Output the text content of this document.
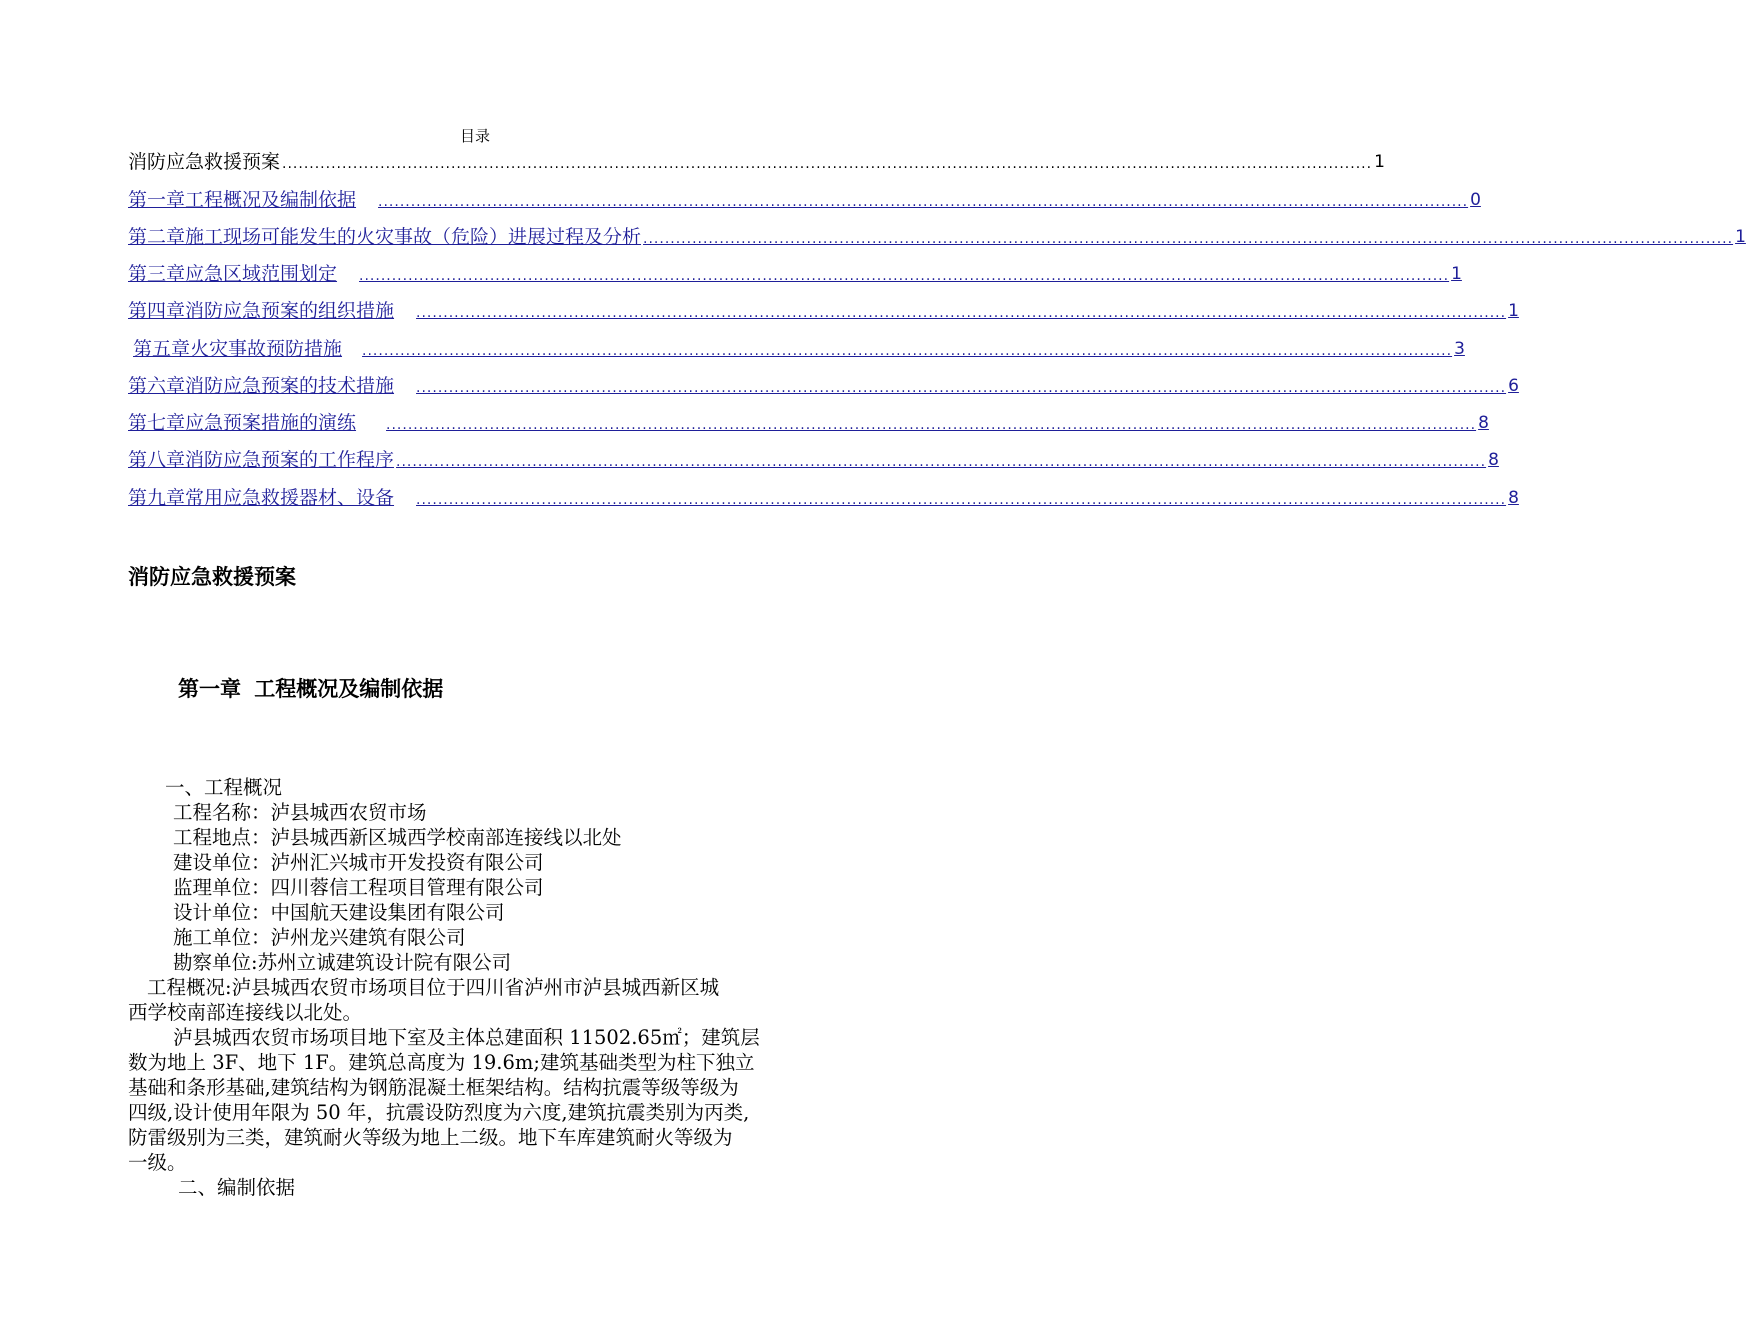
目录
消防应急救援预案 ........................................................................................................................................................................................................ 1
第一章 工程概况及编制依据 ........................................................................................................................................................................................................ 0
第二章 施工现场可能发生的火灾事故（危险）进展过程及分析 ........................................................................................................................................................................................................ 1
第三章 应急区域范围划定 ........................................................................................................................................................................................................ 1
第四章 消防应急预案的组织措施 ........................................................................................................................................................................................................ 1
第五章 火灾事故预防措施 ........................................................................................................................................................................................................ 3
第六章 消防应急预案的技术措施 ........................................................................................................................................................................................................ 6
第七章 应急预案措施的演练 ........................................................................................................................................................................................................ 8
第八章 消防应急预案的工作程序 ........................................................................................................................................................................................................ 8
第九章 常用应急救援器材、设备 ........................................................................................................................................................................................................ 8
消防应急救援预案
第一章 工程概况及编制依据
一、工程概况
工程名称：泸县城西农贸市场
工程地点：泸县城西新区城西学校南部连接线以北处
建设单位：泸州汇兴城市开发投资有限公司
监理单位：四川蓉信工程项目管理有限公司
设计单位：中国航天建设集团有限公司
施工单位：泸州龙兴建筑有限公司
勘察单位:苏州立诚建筑设计院有限公司
工程概况:泸县城西农贸市场项目位于四川省泸州市泸县城西新区城
西学校南部连接线以北处。
泸县城西农贸市场项目地下室及主体总建面积 11502.65㎡；建筑层
数为地上 3F、地下 1F。建筑总高度为 19.6m;建筑基础类型为柱下独立
基础和条形基础,建筑结构为钢筋混凝土框架结构。结构抗震等级等级为
四级,设计使用年限为 50 年，抗震设防烈度为六度,建筑抗震类别为丙类,
防雷级别为三类，建筑耐火等级为地上二级。地下车库建筑耐火等级为
一级。
二、编制依据
